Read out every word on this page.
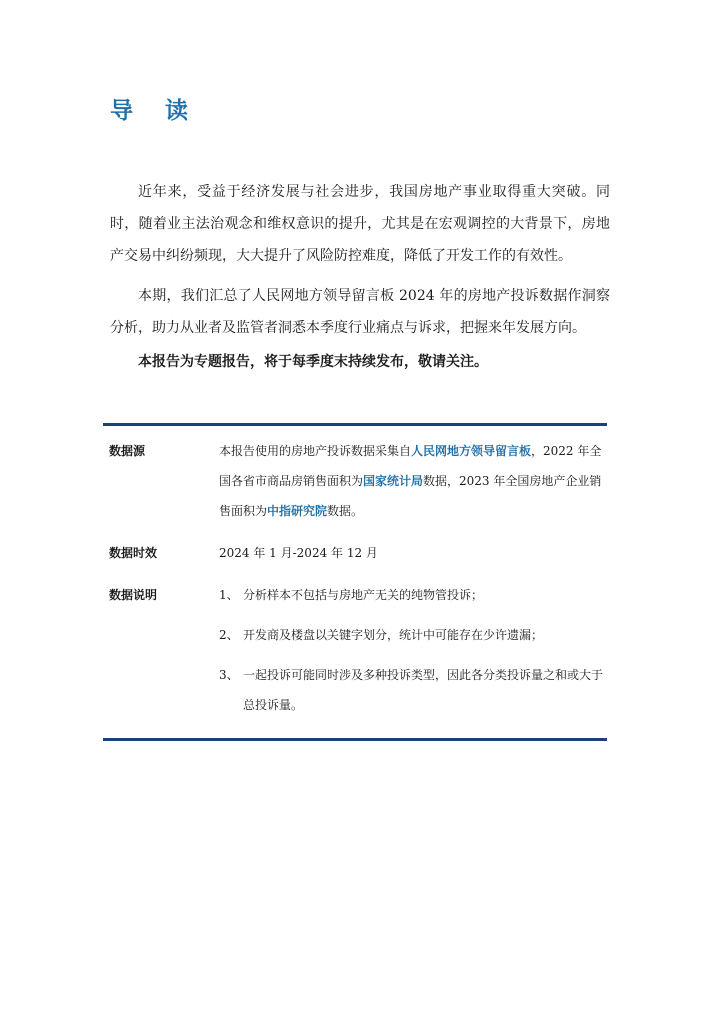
导 读

近年来，受益于经济发展与社会进步，我国房地产事业取得重大突破。同时，随着业主法治观念和维权意识的提升，尤其是在宏观调控的大背景下，房地产交易中纠纷频现，大大提升了风险防控难度，降低了开发工作的有效性。

本期，我们汇总了人民网地方领导留言板 2024 年的房地产投诉数据作洞察分析，助力从业者及监管者洞悉本季度行业痛点与诉求，把握来年发展方向。

本报告为专题报告，将于每季度末持续发布，敬请关注。

数据源	本报告使用的房地产投诉数据采集自人民网地方领导留言板，2022 年全国各省市商品房销售面积为国家统计局数据，2023 年全国房地产企业销售面积为中指研究院数据。
数据时效	2024 年 1 月-2024 年 12 月
数据说明	1、 分析样本不包括与房地产无关的纯物管投诉；
2、 开发商及楼盘以关键字划分，统计中可能存在少许遗漏；
3、 一起投诉可能同时涉及多种投诉类型，因此各分类投诉量之和或大于总投诉量。
